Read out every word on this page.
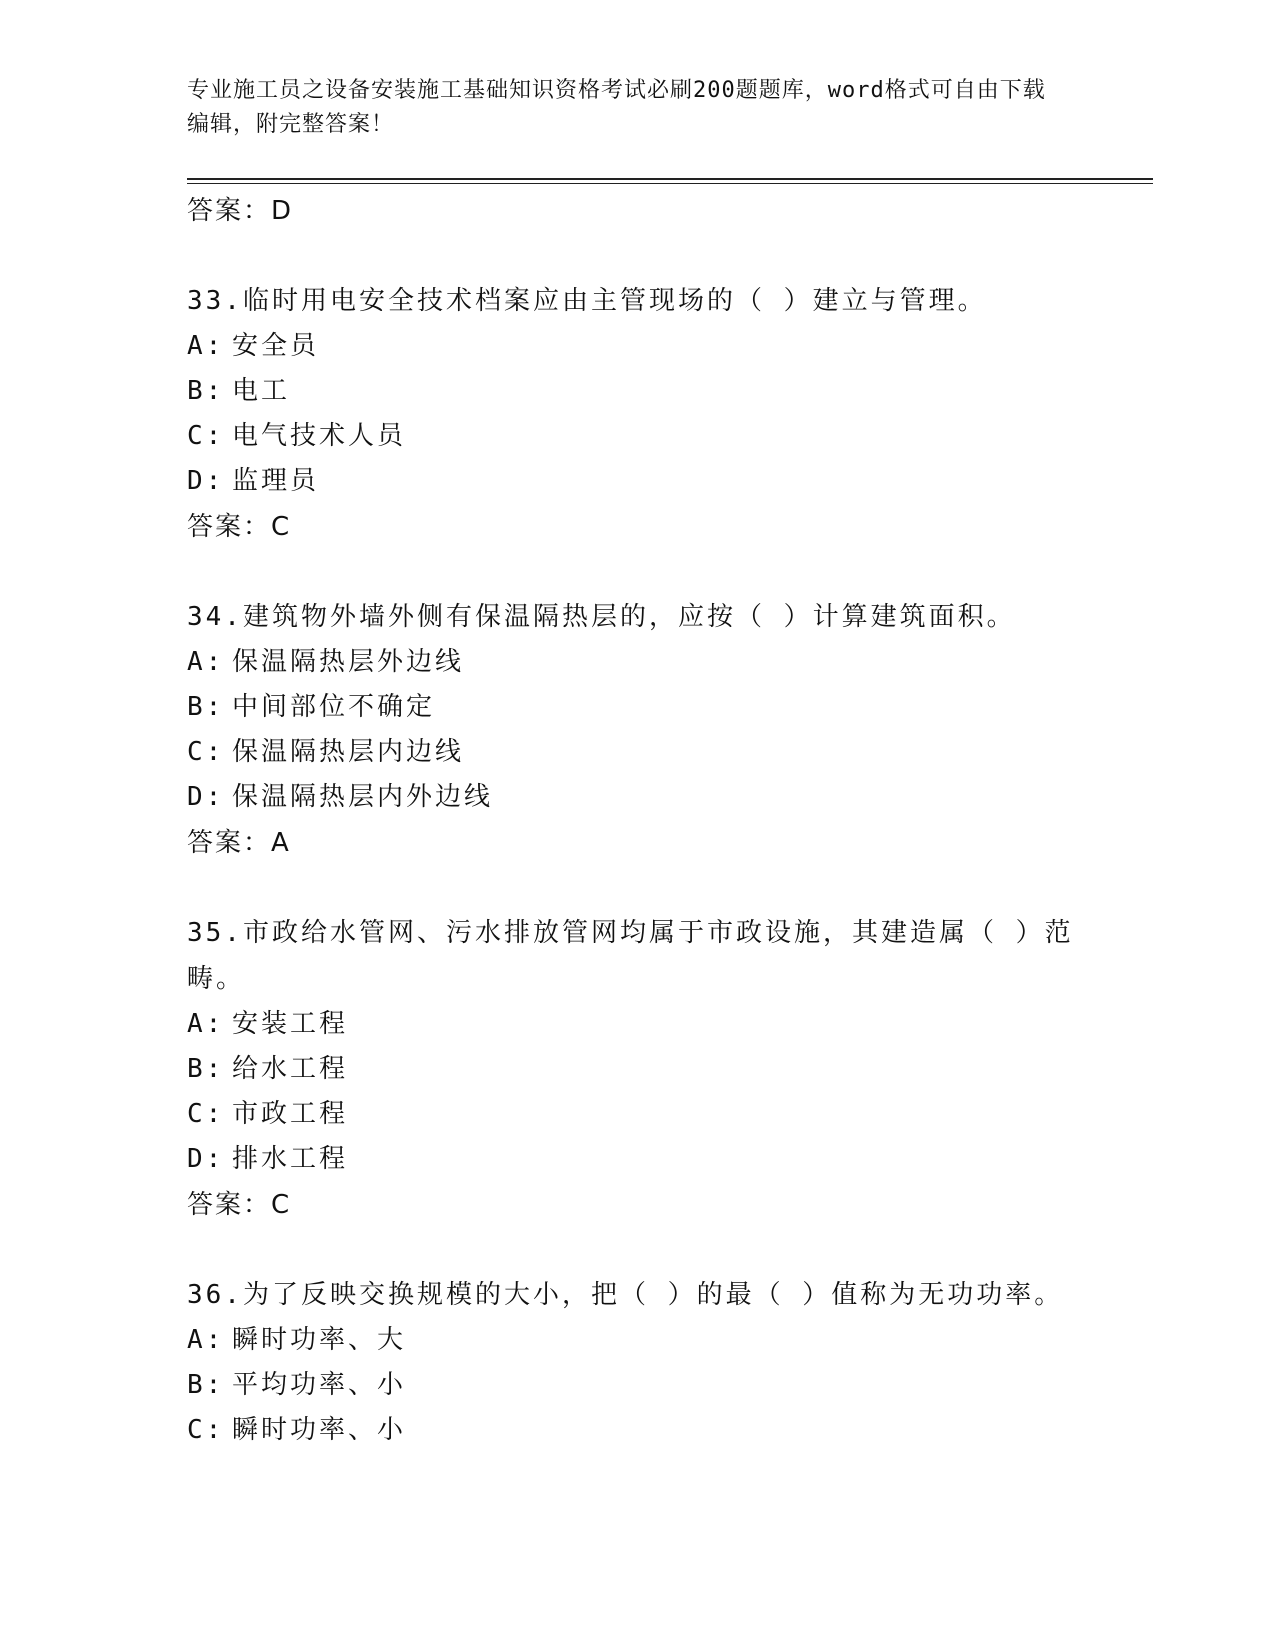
专业施工员之设备安装施工基础知识资格考试必刷200题题库，word格式可自由下载编辑，附完整答案！
答案：D
33.临时用电安全技术档案应由主管现场的（ ）建立与管理。
A: 安全员
B: 电工
C: 电气技术人员
D: 监理员
答案：C
34.建筑物外墙外侧有保温隔热层的，应按（ ）计算建筑面积。
A: 保温隔热层外边线
B: 中间部位不确定
C: 保温隔热层内边线
D: 保温隔热层内外边线
答案：A
35.市政给水管网、污水排放管网均属于市政设施，其建造属（ ）范畴。
A: 安装工程
B: 给水工程
C: 市政工程
D: 排水工程
答案：C
36.为了反映交换规模的大小，把（ ）的最（ ）值称为无功功率。
A: 瞬时功率、大
B: 平均功率、小
C: 瞬时功率、小
